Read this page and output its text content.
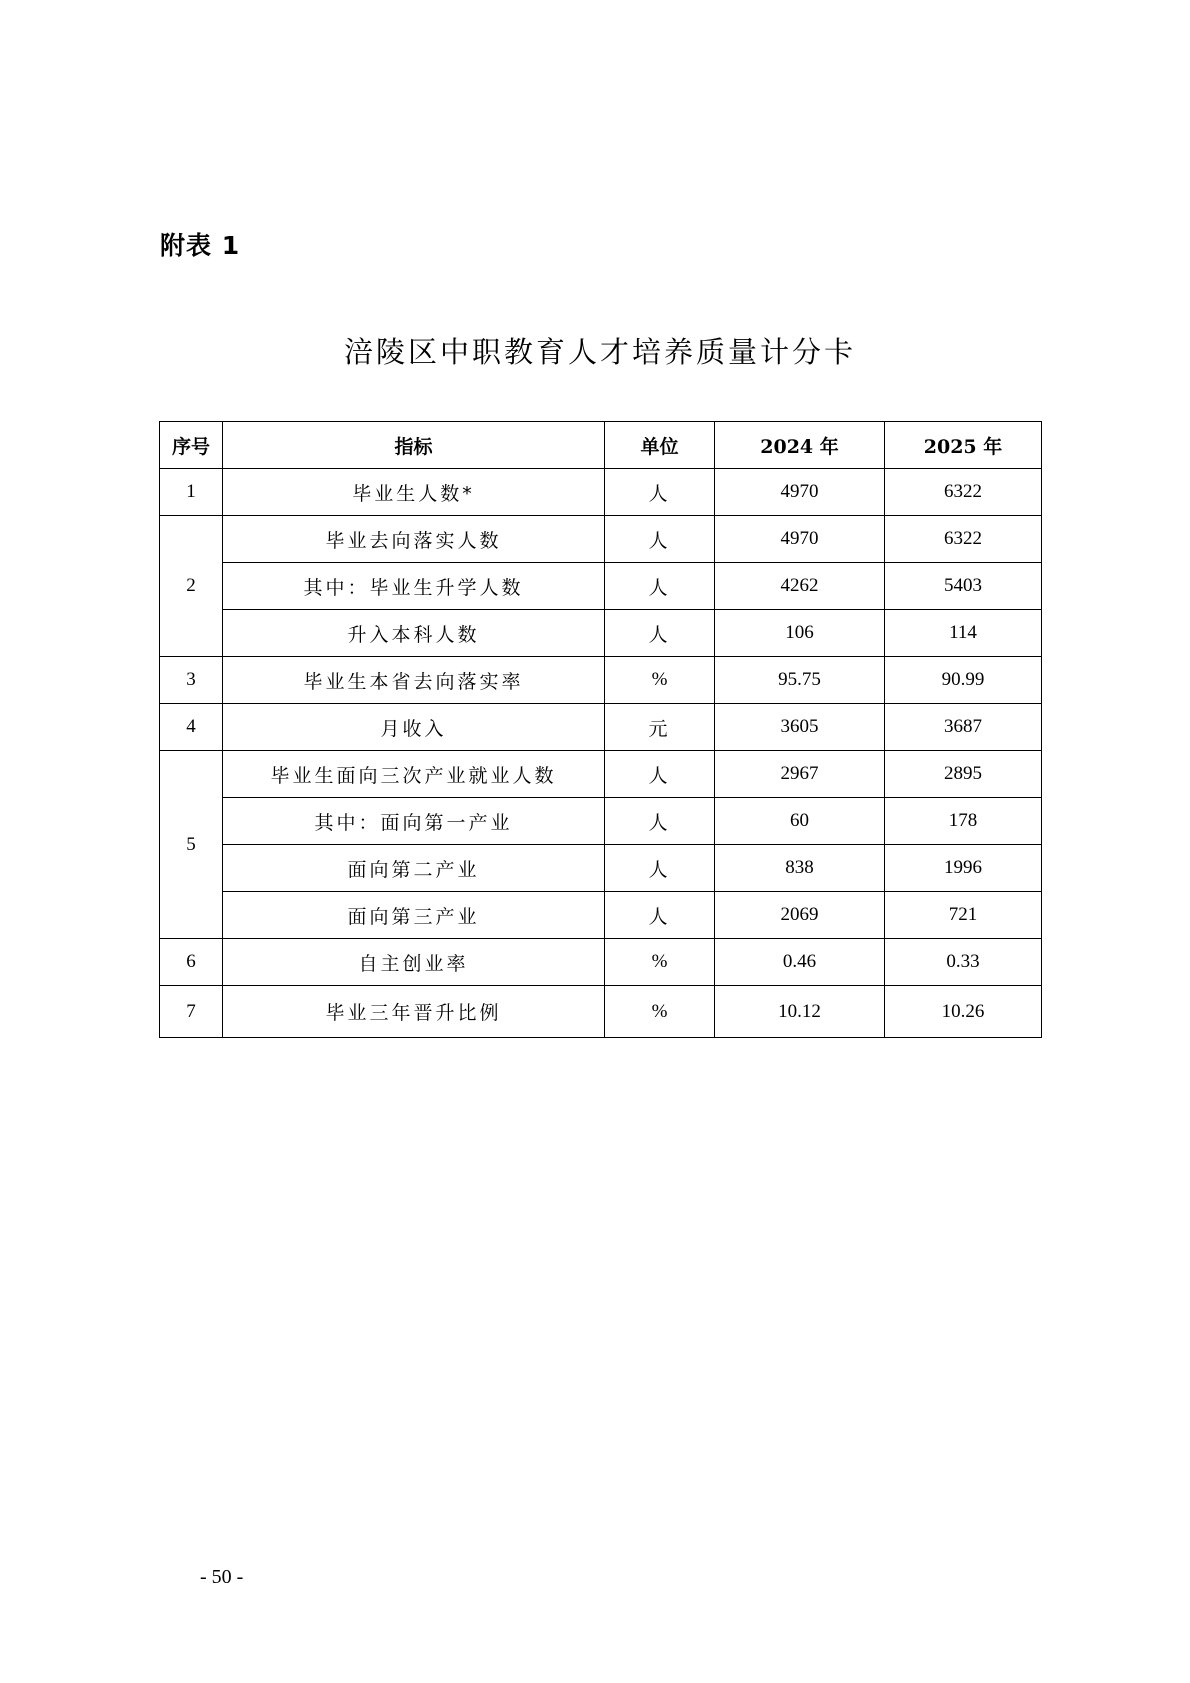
附表 1
涪陵区中职教育人才培养质量计分卡
序号	指标	单位	2024 年	2025 年
1	毕业生人数*	人	4970	6322
2	毕业去向落实人数	人	4970	6322
	其中：毕业生升学人数	人	4262	5403
	升入本科人数	人	106	114
3	毕业生本省去向落实率	%	95.75	90.99
4	月收入	元	3605	3687
5	毕业生面向三次产业就业人数	人	2967	2895
	其中：面向第一产业	人	60	178
	面向第二产业	人	838	1996
	面向第三产业	人	2069	721
6	自主创业率	%	0.46	0.33
7	毕业三年晋升比例	%	10.12	10.26
- 50 -
